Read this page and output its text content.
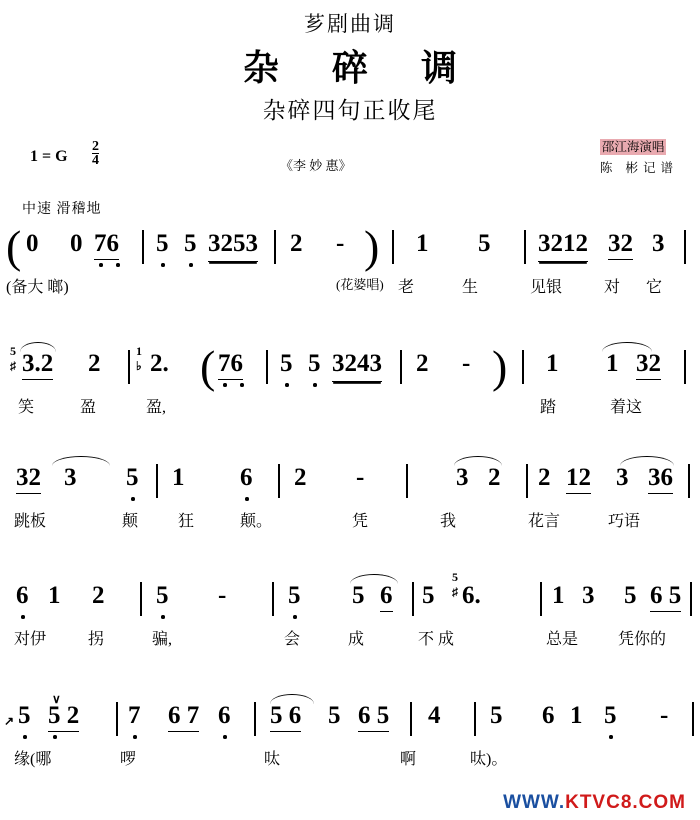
芗剧曲调
杂 碎 调
杂碎四句正收尾
邵江海演唱
陈 彬记谱
1 = G $\frac{2}{4}$	《李 妙 惠》
中速 滑稽地
( 0 0 76 5 5 3253 2 - ) 1 5 3212 32 3
(备大 啷)	(花婆唱) 老	生	见银	对 它
5
♯ 3.2 2	1
♭ 2. ( 76 5 5 3243 2 - ) 1 1 32
笑	盈	盈,	踏	着这
32 3 5 1 6 2 -	3 2 2 12 3 36
跳板	颠 狂	颠。	凭	我	花言	巧语
6 1 2 5 - 5 5 6 5
5
♯ 6.	1 3 5 6 5
对伊	拐	骗,	会	成	不 成	总是 凭你的
↗ 5
∨
5 2 7 6 7 6 5 6 5 6 5 4 5 6 1 5 -
缘(哪	啰	呔	啊	呔)。
WWW.KTVC8.COM
